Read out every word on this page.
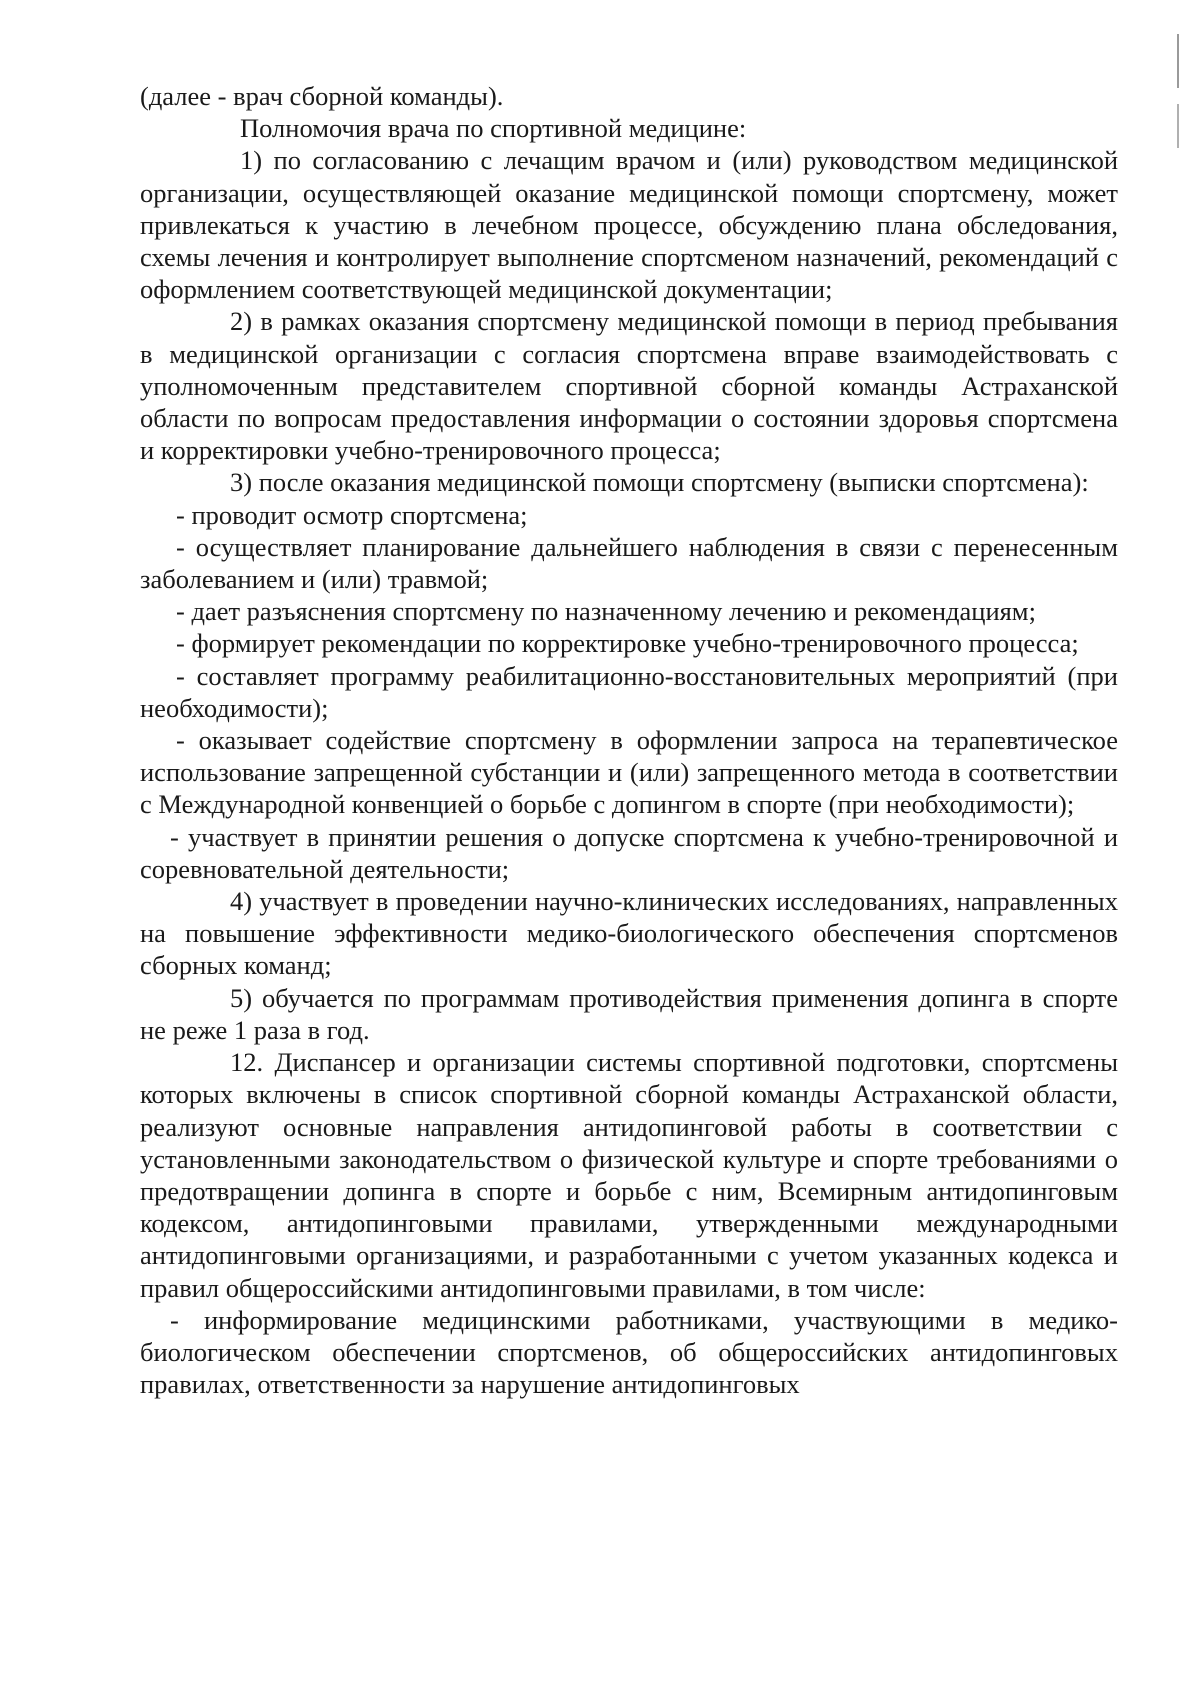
(далее - врач сборной команды).

Полномочия врача по спортивной медицине:

1) по согласованию с лечащим врачом и (или) руководством медицинской организации, осуществляющей оказание медицинской помощи спортсмену, может привлекаться к участию в лечебном процессе, обсуждению плана обследования, схемы лечения и контролирует выполнение спортсменом назначений, рекомендаций с оформлением соответствующей медицинской документации;

2) в рамках оказания спортсмену медицинской помощи в период пребывания в медицинской организации с согласия спортсмена вправе взаимодействовать с уполномоченным представителем спортивной сборной команды Астраханской области по вопросам предоставления информации о состоянии здоровья спортсмена и корректировки учебно-тренировочного процесса;

3) после оказания медицинской помощи спортсмену (выписки спортсмена):

- проводит осмотр спортсмена;

- осуществляет планирование дальнейшего наблюдения в связи с перенесенным заболеванием и (или) травмой;

- дает разъяснения спортсмену по назначенному лечению и рекомендациям;

- формирует рекомендации по корректировке учебно-тренировочного процесса;

- составляет программу реабилитационно-восстановительных мероприятий (при необходимости);

- оказывает содействие спортсмену в оформлении запроса на терапевтическое использование запрещенной субстанции и (или) запрещенного метода в соответствии с Международной конвенцией о борьбе с допингом в спорте (при необходимости);

- участвует в принятии решения о допуске спортсмена к учебно-тренировочной и соревновательной деятельности;

4) участвует в проведении научно-клинических исследованиях, направленных на повышение эффективности медико-биологического обеспечения спортсменов сборных команд;

5) обучается по программам противодействия применения допинга в спорте не реже 1 раза в год.

12. Диспансер и организации системы спортивной подготовки, спортсмены которых включены в список спортивной сборной команды Астраханской области, реализуют основные направления антидопинговой работы в соответствии с установленными законодательством о физической культуре и спорте требованиями о предотвращении допинга в спорте и борьбе с ним, Всемирным антидопинговым кодексом, антидопинговыми правилами, утвержденными международными антидопинговыми организациями, и разработанными с учетом указанных кодекса и правил общероссийскими антидопинговыми правилами, в том числе:

- информирование медицинскими работниками, участвующими в медико-биологическом обеспечении спортсменов, об общероссийских антидопинговых правилах, ответственности за нарушение антидопинговых
